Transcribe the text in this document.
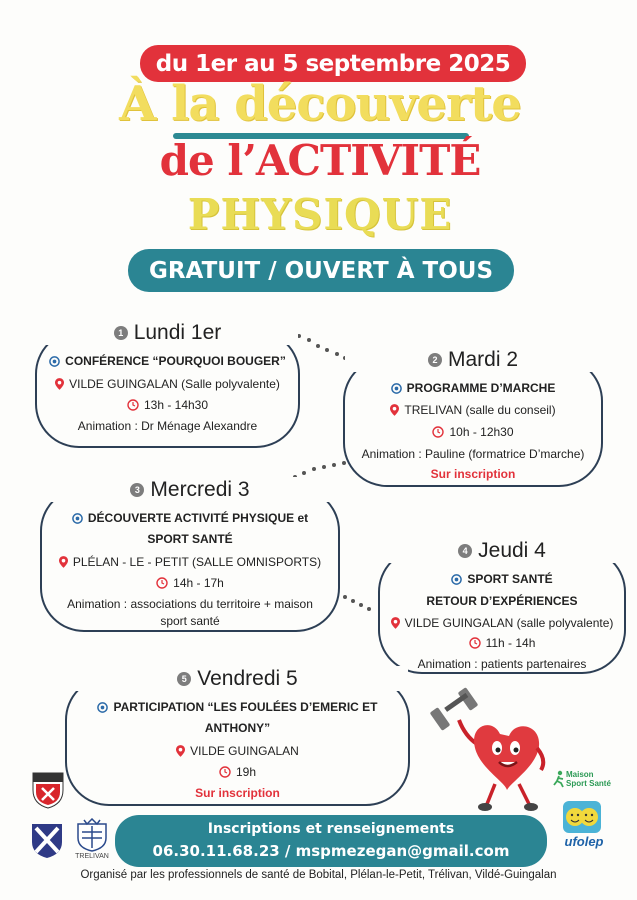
du 1er au 5 septembre 2025
À la découverte
de l’ACTIVITÉ
PHYSIQUE
GRATUIT / OUVERT À TOUS
1 Lundi 1er
CONFÉRENCE “POURQUOI BOUGER”
VILDE GUINGALAN (Salle polyvalente)
13h - 14h30
Animation : Dr Ménage Alexandre
2 Mardi 2
PROGRAMME D’MARCHE
TRELIVAN (salle du conseil)
10h - 12h30
Animation : Pauline (formatrice D’marche)
Sur inscription
3 Mercredi 3
DÉCOUVERTE ACTIVITÉ PHYSIQUE et
SPORT SANTÉ
PLÉLAN - LE - PETIT (SALLE OMNISPORTS)
14h - 17h
Animation : associations du territoire + maison
sport santé
4 Jeudi 4
SPORT SANTÉ
RETOUR D’EXPÉRIENCES
VILDE GUINGALAN (salle polyvalente)
11h - 14h
Animation : patients partenaires
5 Vendredi 5
PARTICIPATION “LES FOULÉES D’EMERIC ET
ANTHONY”
VILDE GUINGALAN
19h
Sur inscription
TRELIVAN
Maison Sport Santé
ufolep
Inscriptions et renseignements
06.30.11.68.23 / mspmezegan@gmail.com
Organisé par les professionnels de santé de Bobital, Plélan-le-Petit, Trélivan, Vildé-Guingalan
